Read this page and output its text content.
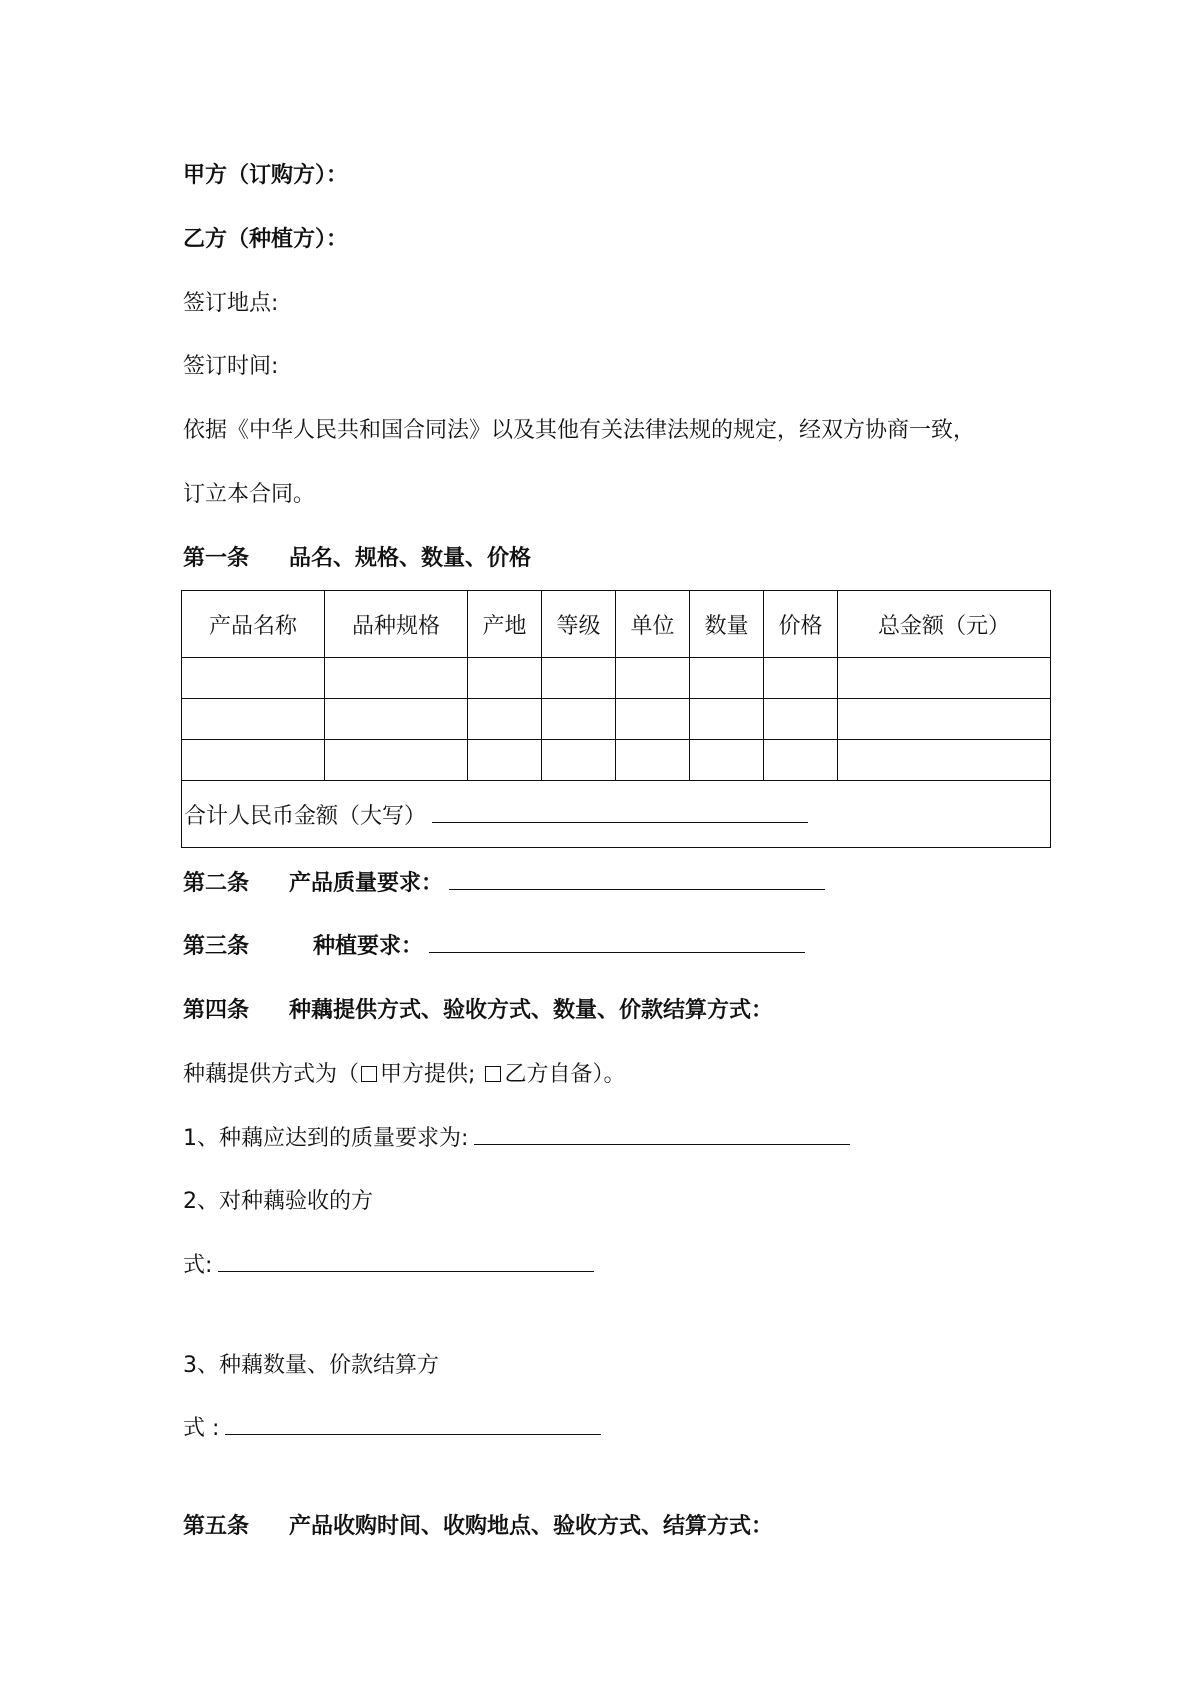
甲方（订购方）：
乙方（种植方）：
签订地点:
签订时间:
依据《中华人民共和国合同法》以及其他有关法律法规的规定，经双方协商一致，
订立本合同。
第一条 品名、规格、数量、价格
产品名称	品种规格	产地	等级	单位	数量	价格	总金额（元）

合计人民币金额（大写）							
第二条 产品质量要求：
第三条	种植要求：
第四条 种藕提供方式、验收方式、数量、价款结算方式：
种藕提供方式为（ 甲方提供; 乙方自备）。
1、种藕应达到的质量要求为:
2、对种藕验收的方
式:
3、种藕数量、价款结算方
式 :
第五条 产品收购时间、收购地点、验收方式、结算方式：
